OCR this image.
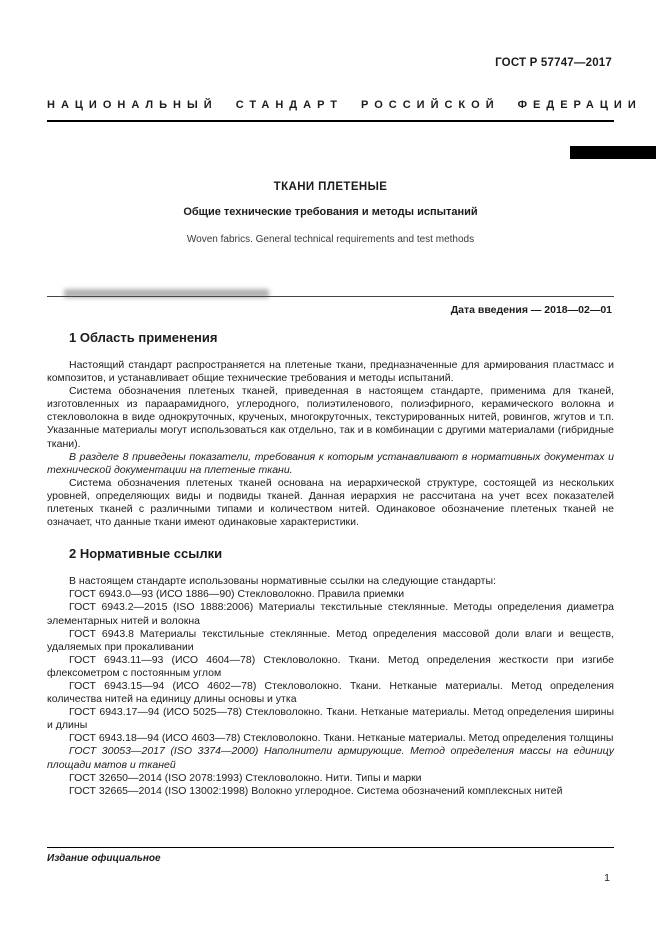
ГОСТ Р 57747—2017
НАЦИОНАЛЬНЫЙ СТАНДАРТ РОССИЙСКОЙ ФЕДЕРАЦИИ
ТКАНИ ПЛЕТЕНЫЕ
Общие технические требования и методы испытаний
Woven fabrics. General technical requirements and test methods
Дата введения — 2018—02—01
1 Область применения

Настоящий стандарт распространяется на плетеные ткани, предназначенные для армирования пластмасс и композитов, и устанавливает общие технические требования и методы испытаний.

Система обозначения плетеных тканей, приведенная в настоящем стандарте, применима для тканей, изготовленных из параарамидного, углеродного, полиэтиленового, полиэфирного, керамического волокна и стекловолокна в виде однокруточных, крученых, многокруточных, текстурированных нитей, ровингов, жгутов и т.п. Указанные материалы могут использоваться как отдельно, так и в комбинации с другими материалами (гибридные ткани).

В разделе 8 приведены показатели, требования к которым устанавливают в нормативных документах и технической документации на плетеные ткани.

Система обозначения плетеных тканей основана на иерархической структуре, состоящей из нескольких уровней, определяющих виды и подвиды тканей. Данная иерархия не рассчитана на учет всех показателей плетеных тканей с различными типами и количеством нитей. Одинаковое обозначение плетеных тканей не означает, что данные ткани имеют одинаковые характеристики.

2 Нормативные ссылки

В настоящем стандарте использованы нормативные ссылки на следующие стандарты:

ГОСТ 6943.0—93 (ИСО 1886—90) Стекловолокно. Правила приемки

ГОСТ 6943.2—2015 (ISO 1888:2006) Материалы текстильные стеклянные. Методы определения диаметра элементарных нитей и волокна

ГОСТ 6943.8 Материалы текстильные стеклянные. Метод определения массовой доли влаги и веществ, удаляемых при прокаливании

ГОСТ 6943.11—93 (ИСО 4604—78) Стекловолокно. Ткани. Метод определения жесткости при изгибе флексометром с постоянным углом

ГОСТ 6943.15—94 (ИСО 4602—78) Стекловолокно. Ткани. Нетканые материалы. Метод определения количества нитей на единицу длины основы и утка

ГОСТ 6943.17—94 (ИСО 5025—78) Стекловолокно. Ткани. Нетканые материалы. Метод определения ширины и длины

ГОСТ 6943.18—94 (ИСО 4603—78) Стекловолокно. Ткани. Нетканые материалы. Метод определения толщины

ГОСТ 30053—2017 (ISO 3374—2000) Наполнители армирующие. Метод определения массы на единицу площади матов и тканей

ГОСТ 32650—2014 (ISO 2078:1993) Стекловолокно. Нити. Типы и марки

ГОСТ 32665—2014 (ISO 13002:1998) Волокно углеродное. Система обозначений комплексных нитей

Издание официальное
1
